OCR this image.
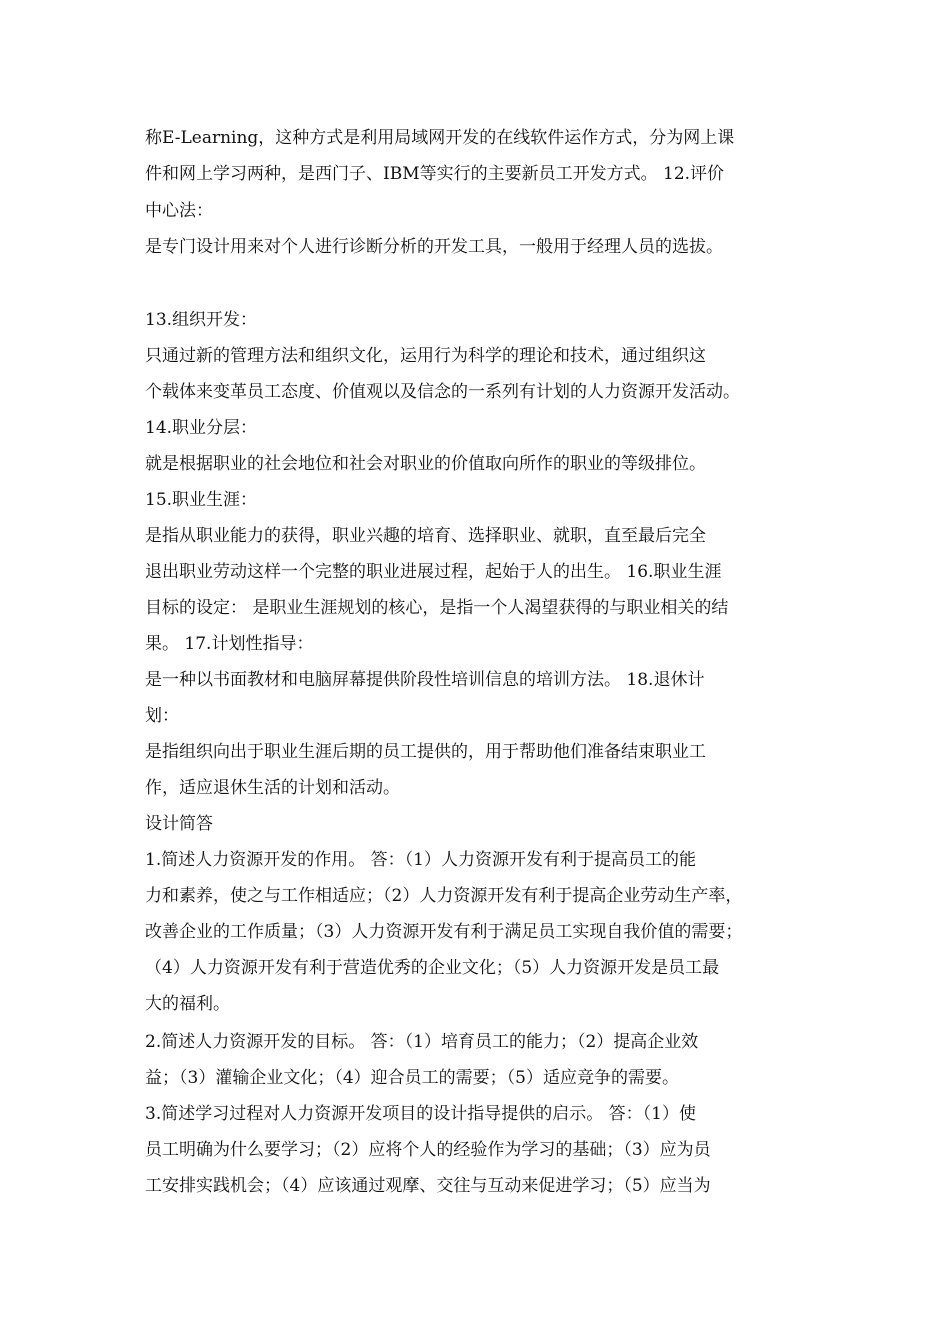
称E-Learning，这种方式是利用局域网开发的在线软件运作方式，分为网上课
件和网上学习两种，是西门子、IBM等实行的主要新员工开发方式。 12.评价
中心法：
是专门设计用来对个人进行诊断分析的开发工具，一般用于经理人员的选拔。
13.组织开发：
只通过新的管理方法和组织文化，运用行为科学的理论和技术，通过组织这
个载体来变革员工态度、价值观以及信念的一系列有计划的人力资源开发活动。
14.职业分层：
就是根据职业的社会地位和社会对职业的价值取向所作的职业的等级排位。
15.职业生涯：
是指从职业能力的获得，职业兴趣的培育、选择职业、就职，直至最后完全
退出职业劳动这样一个完整的职业进展过程，起始于人的出生。 16.职业生涯
目标的设定： 是职业生涯规划的核心，是指一个人渴望获得的与职业相关的结
果。 17.计划性指导：
是一种以书面教材和电脑屏幕提供阶段性培训信息的培训方法。 18.退休计
划：
是指组织向出于职业生涯后期的员工提供的，用于帮助他们准备结束职业工
作，适应退休生活的计划和活动。
设计简答
1.简述人力资源开发的作用。 答：（1）人力资源开发有利于提高员工的能
力和素养，使之与工作相适应；（2）人力资源开发有利于提高企业劳动生产率，
改善企业的工作质量；（3）人力资源开发有利于满足员工实现自我价值的需要；
（4）人力资源开发有利于营造优秀的企业文化；（5）人力资源开发是员工最
大的福利。
2.简述人力资源开发的目标。 答：（1）培育员工的能力；（2）提高企业效
益；（3）灌输企业文化；（4）迎合员工的需要；（5）适应竞争的需要。
3.简述学习过程对人力资源开发项目的设计指导提供的启示。 答：（1）使
员工明确为什么要学习；（2）应将个人的经验作为学习的基础；（3）应为员
工安排实践机会；（4）应该通过观摩、交往与互动来促进学习；（5）应当为
